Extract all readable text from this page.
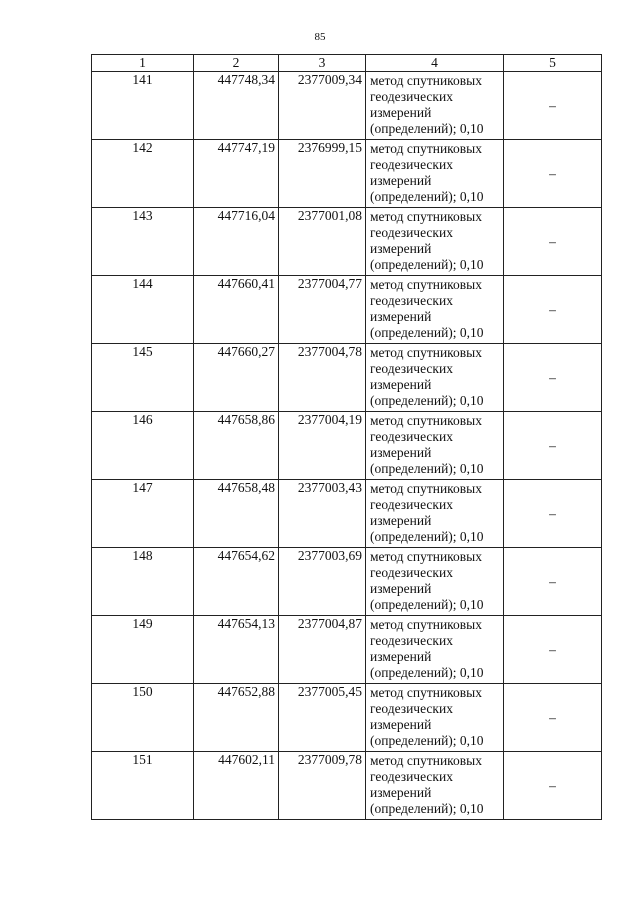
85
1	2	3	4	5
141	447748,34	2377009,34	метод спутниковых
геодезических
измерений
(определений); 0,10	–
142	447747,19	2376999,15	метод спутниковых
геодезических
измерений
(определений); 0,10	–
143	447716,04	2377001,08	метод спутниковых
геодезических
измерений
(определений); 0,10	–
144	447660,41	2377004,77	метод спутниковых
геодезических
измерений
(определений); 0,10	–
145	447660,27	2377004,78	метод спутниковых
геодезических
измерений
(определений); 0,10	–
146	447658,86	2377004,19	метод спутниковых
геодезических
измерений
(определений); 0,10	–
147	447658,48	2377003,43	метод спутниковых
геодезических
измерений
(определений); 0,10	–
148	447654,62	2377003,69	метод спутниковых
геодезических
измерений
(определений); 0,10	–
149	447654,13	2377004,87	метод спутниковых
геодезических
измерений
(определений); 0,10	–
150	447652,88	2377005,45	метод спутниковых
геодезических
измерений
(определений); 0,10	–
151	447602,11	2377009,78	метод спутниковых
геодезических
измерений
(определений); 0,10	–
